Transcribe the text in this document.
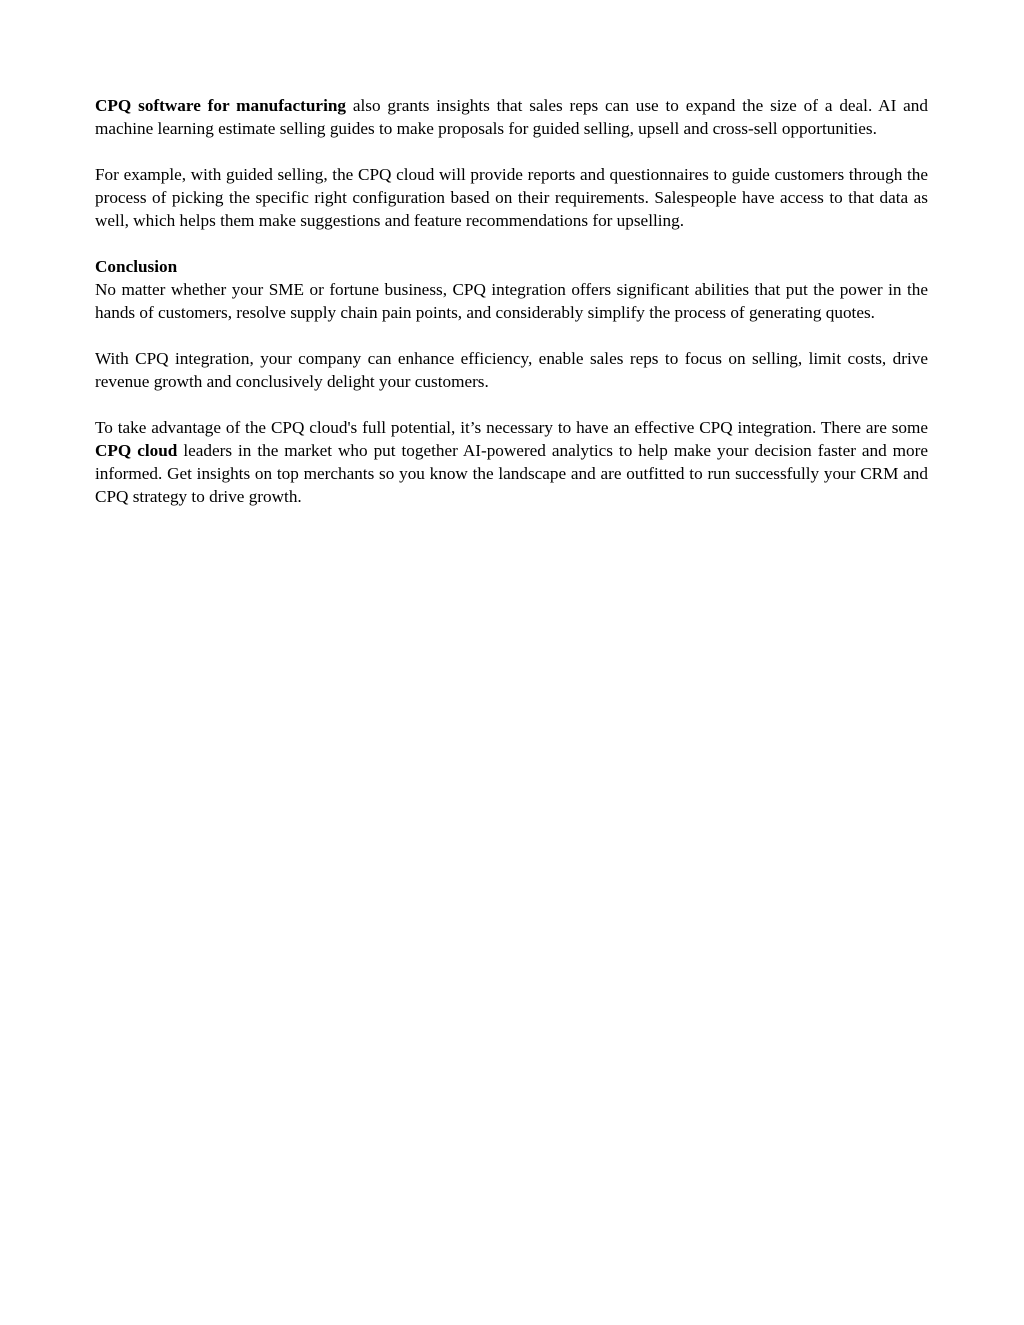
CPQ software for manufacturing also grants insights that sales reps can use to expand the size of a deal. AI and machine learning estimate selling guides to make proposals for guided selling, upsell and cross-sell opportunities.

For example, with guided selling, the CPQ cloud will provide reports and questionnaires to guide customers through the process of picking the specific right configuration based on their requirements. Salespeople have access to that data as well, which helps them make suggestions and feature recommendations for upselling.

Conclusion
No matter whether your SME or fortune business, CPQ integration offers significant abilities that put the power in the hands of customers, resolve supply chain pain points, and considerably simplify the process of generating quotes.

With CPQ integration, your company can enhance efficiency, enable sales reps to focus on selling, limit costs, drive revenue growth and conclusively delight your customers.

To take advantage of the CPQ cloud's full potential, it’s necessary to have an effective CPQ integration. There are some CPQ cloud leaders in the market who put together AI-powered analytics to help make your decision faster and more informed. Get insights on top merchants so you know the landscape and are outfitted to run successfully your CRM and CPQ strategy to drive growth.
